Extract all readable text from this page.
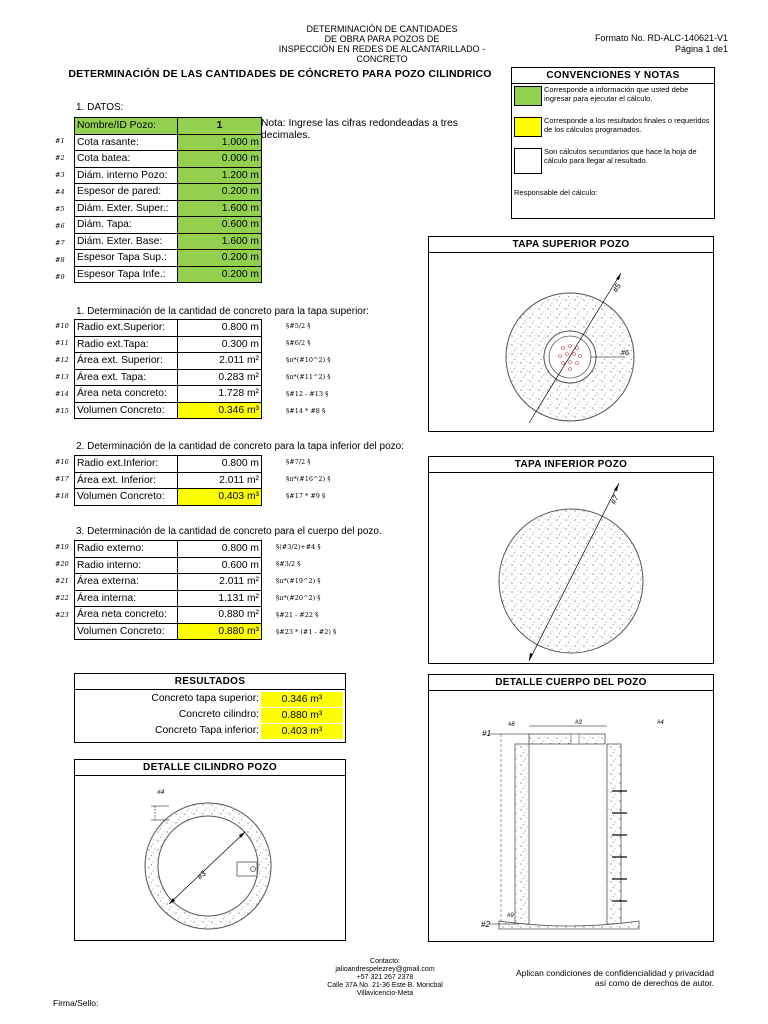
DETERMINACIÓN DE CANTIDADES
DE OBRA PARA POZOS DE
INSPECCIÓN EN REDES DE ALCANTARILLADO -
CONCRETO
Formato No. RD-ALC-140621-V1
Página 1 de1
DETERMINACIÓN DE LAS CANTIDADES DE CÓNCRETO PARA POZO CILINDRICO
1. DATOS:
Nota: Ingrese las cifras redondeadas a tres decimales.
Nombre/ID Pozo:	1
Cota rasante:	1.000 m
Cota batea:	0.000 m
Diám. interno Pozo:	1.200 m
Espesor de pared:	0.200 m
Diám. Exter. Super.:	1.600 m
Diám. Tapa:	0.600 m
Diám. Exter. Base:	1.600 m
Espesor Tapa Sup.:	0.200 m
Espesor Tapa Infe.:	0.200 m
1. Determinación de la cantidad de concreto para la tapa superior:
Radio ext.Superior:	0.800 m
Radio ext.Tapa:	0.300 m
Área ext. Superior:	2.011 m²
Área ext. Tapa:	0.283 m²
Área neta concreto:	1.728 m²
Volumen Concreto:	0.346 m³
2. Determinación de la cantidad de concreto para la tapa inferior del pozo:
Radio ext.Inferior:	0.800 m
Área ext. Inferior:	2.011 m²
Volumen Concreto:	0.403 m³
3. Determinación de la cantidad de concreto para el cuerpo del pozo.
Radio externo:	0.800 m
Radio interno:	0.600 m
Área externa:	2.011 m²
Área interna:	1.131 m²
Área neta concreto:	0.880 m²
Volumen Concreto:	0.880 m³
RESULTADOS
Concreto tapa superior:	0.346 m³
Concreto cilindro:	0.880 m³
Concreto Tapa inferior:	0.403 m³
CONVENCIONES Y NOTAS
Corresponde a información que usted debe ingresar para ejecutar el cálculo.
Corresponde a los resultados finales o requeridos de los cálculos programados.
Son cálculos secundarios que hace la hoja de cálculo para llegar al resultado.
Responsable del cálculo:
TAPA SUPERIOR POZO
#5
#6
TAPA INFERIOR POZO
#7
DETALLE CILINDRO POZO
#4
#3
DETALLE CUERPO DEL POZO
#1
#8	#3	#4
#2
#9
Contacto:
jalioandrespelezrey@gmail.com
+57 321 267 2378
Calle 37A No. 21-36 Este B. Moricbal
Villavicencio-Meta
Aplican condiciones de confidencialidad y privacidad
así como de derechos de autor.
Firma/Sello:
#1
#2
#3
#4
#5
#6
#7
#8
#9
#10	§#5/2 §
#11	§#6/2 §
#12	§π*(#10^2) §
#13	§π*(#11^2) §
#14	§#12 - #13 §
#15	§#14 * #8 §
#16	§#7/2 §
#17	§π*(#16^2) §
#18	§#17 * #9 §
#19	§(#3/2)+#4 §
#20	§#3/2 §
#21	§π*(#19^2) §
#22	§π*(#20^2) §
#23	§#21 - #22 §
§#23 * (#1 - #2) §
